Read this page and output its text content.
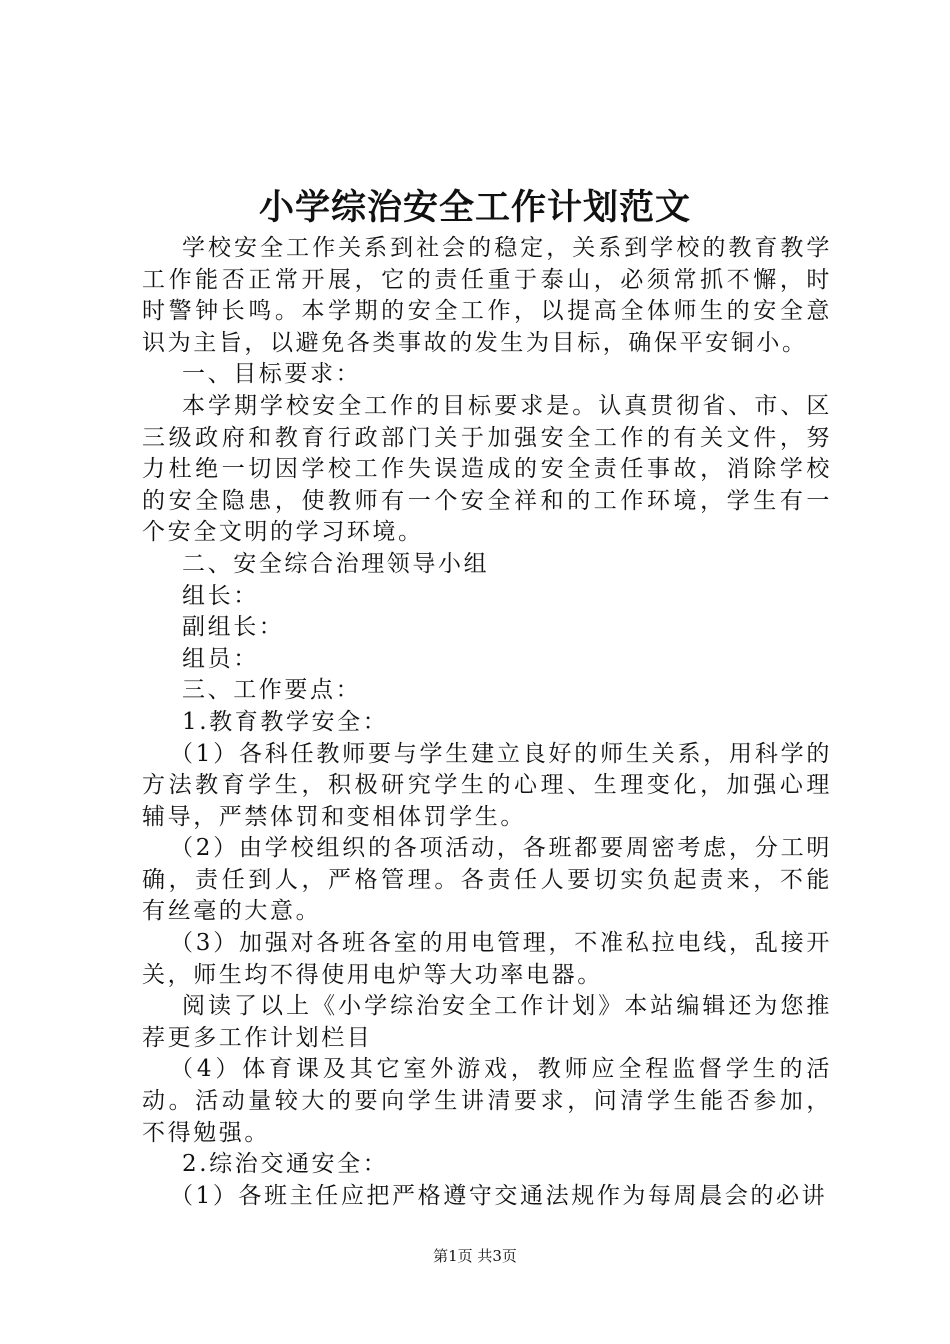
小学综治安全工作计划范文

学校安全工作关系到社会的稳定，关系到学校的教育教学工作能否正常开展，它的责任重于泰山，必须常抓不懈，时时警钟长鸣。本学期的安全工作，以提高全体师生的安全意识为主旨，以避免各类事故的发生为目标，确保平安铜小。

一、目标要求：

本学期学校安全工作的目标要求是。认真贯彻省、市、区三级政府和教育行政部门关于加强安全工作的有关文件，努力杜绝一切因学校工作失误造成的安全责任事故，消除学校的安全隐患，使教师有一个安全祥和的工作环境，学生有一个安全文明的学习环境。

二、安全综合治理领导小组

组长：

副组长：

组员：

三、工作要点：

1.教育教学安全：

（1）各科任教师要与学生建立良好的师生关系，用科学的方法教育学生，积极研究学生的心理、生理变化，加强心理辅导，严禁体罚和变相体罚学生。

（2）由学校组织的各项活动，各班都要周密考虑，分工明确，责任到人，严格管理。各责任人要切实负起责来，不能有丝毫的大意。

（3）加强对各班各室的用电管理，不准私拉电线，乱接开关，师生均不得使用电炉等大功率电器。

阅读了以上《小学综治安全工作计划》本站编辑还为您推荐更多工作计划栏目

（4）体育课及其它室外游戏，教师应全程监督学生的活动。活动量较大的要向学生讲清要求，问清学生能否参加，不得勉强。

2.综治交通安全：

（1）各班主任应把严格遵守交通法规作为每周晨会的必讲

第1页 共3页
